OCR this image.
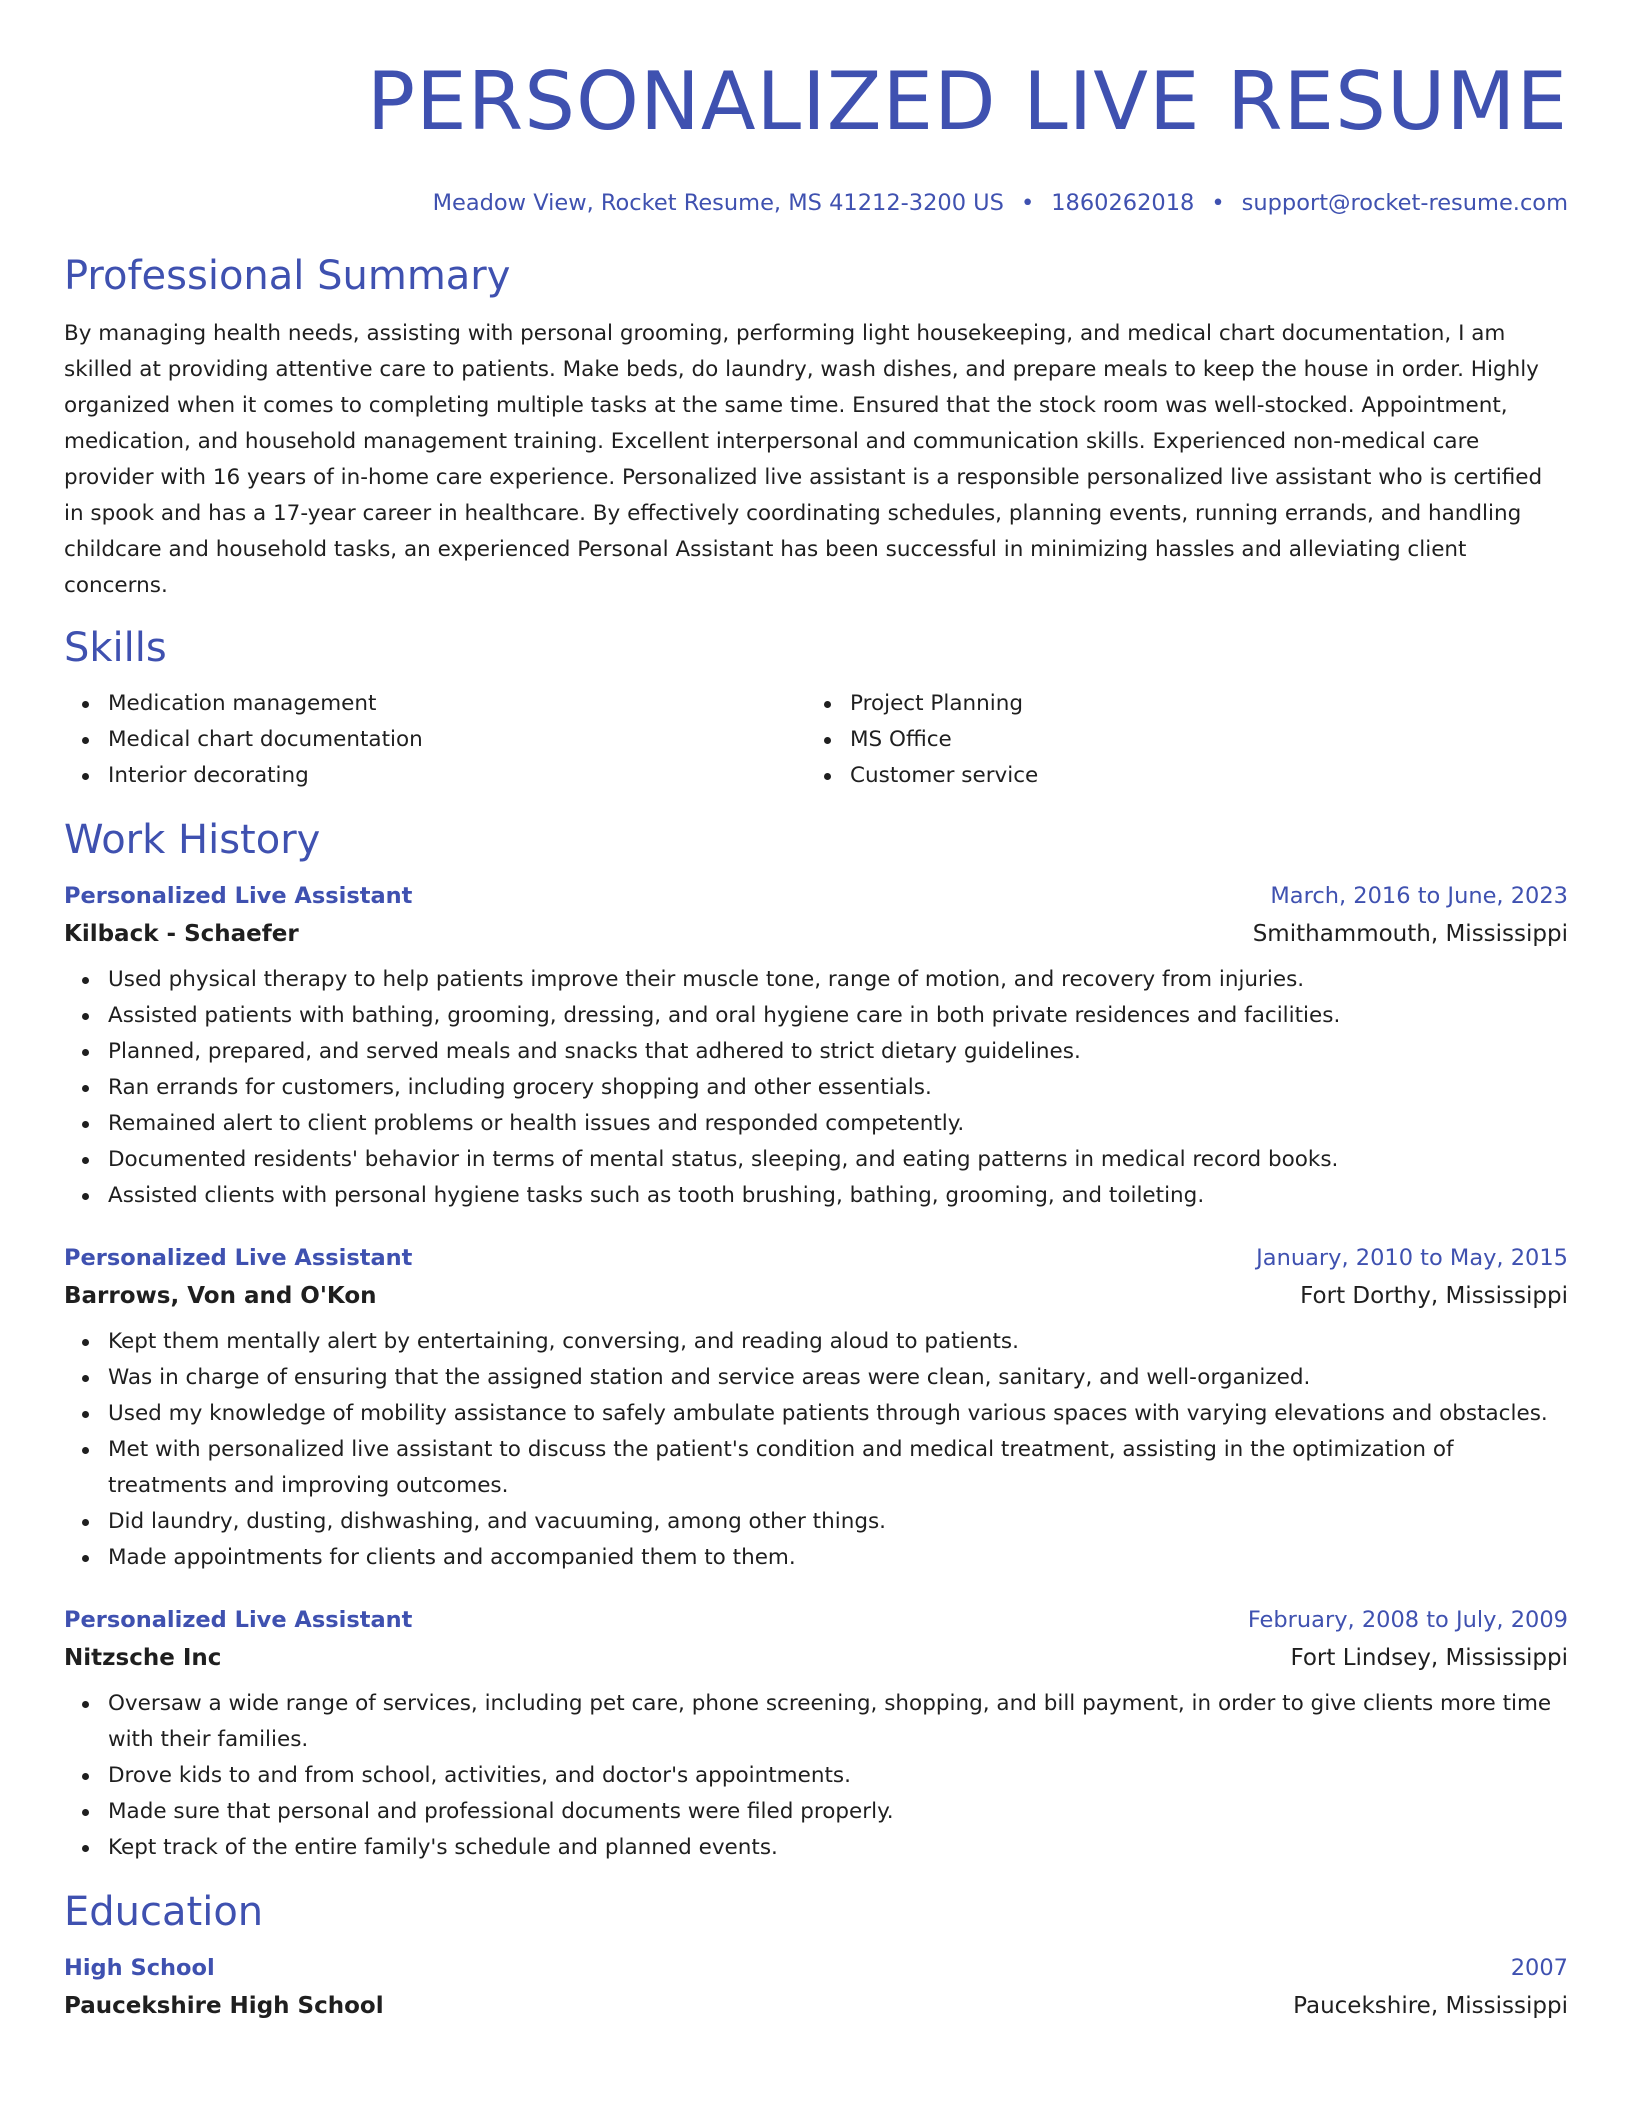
PERSONALIZED LIVE RESUME
Meadow View, Rocket Resume, MS 41212-3200 US • 1860262018 • support@rocket-resume.com
Professional Summary

By managing health needs, assisting with personal grooming, performing light housekeeping, and medical chart documentation, I am skilled at providing attentive care to patients. Make beds, do laundry, wash dishes, and prepare meals to keep the house in order. Highly organized when it comes to completing multiple tasks at the same time. Ensured that the stock room was well-stocked. Appointment, medication, and household management training. Excellent interpersonal and communication skills. Experienced non-medical care provider with 16 years of in-home care experience. Personalized live assistant is a responsible personalized live assistant who is certified in spook and has a 17-year career in healthcare. By effectively coordinating schedules, planning events, running errands, and handling childcare and household tasks, an experienced Personal Assistant has been successful in minimizing hassles and alleviating client concerns.

Skills
Medication management
Medical chart documentation
Interior decorating
Project Planning
MS Office
Customer service
Work History
Personalized Live Assistant	March, 2016 to June, 2023
Kilback - Schaefer	Smithammouth, Mississippi
Used physical therapy to help patients improve their muscle tone, range of motion, and recovery from injuries.
Assisted patients with bathing, grooming, dressing, and oral hygiene care in both private residences and facilities.
Planned, prepared, and served meals and snacks that adhered to strict dietary guidelines.
Ran errands for customers, including grocery shopping and other essentials.
Remained alert to client problems or health issues and responded competently.
Documented residents' behavior in terms of mental status, sleeping, and eating patterns in medical record books.
Assisted clients with personal hygiene tasks such as tooth brushing, bathing, grooming, and toileting.
Personalized Live Assistant	January, 2010 to May, 2015
Barrows, Von and O'Kon	Fort Dorthy, Mississippi
Kept them mentally alert by entertaining, conversing, and reading aloud to patients.
Was in charge of ensuring that the assigned station and service areas were clean, sanitary, and well-organized.
Used my knowledge of mobility assistance to safely ambulate patients through various spaces with varying elevations and obstacles.
Met with personalized live assistant to discuss the patient's condition and medical treatment, assisting in the optimization of treatments and improving outcomes.
Did laundry, dusting, dishwashing, and vacuuming, among other things.
Made appointments for clients and accompanied them to them.
Personalized Live Assistant	February, 2008 to July, 2009
Nitzsche Inc	Fort Lindsey, Mississippi
Oversaw a wide range of services, including pet care, phone screening, shopping, and bill payment, in order to give clients more time with their families.
Drove kids to and from school, activities, and doctor's appointments.
Made sure that personal and professional documents were filed properly.
Kept track of the entire family's schedule and planned events.
Education
High School	2007
Paucekshire High School	Paucekshire, Mississippi
